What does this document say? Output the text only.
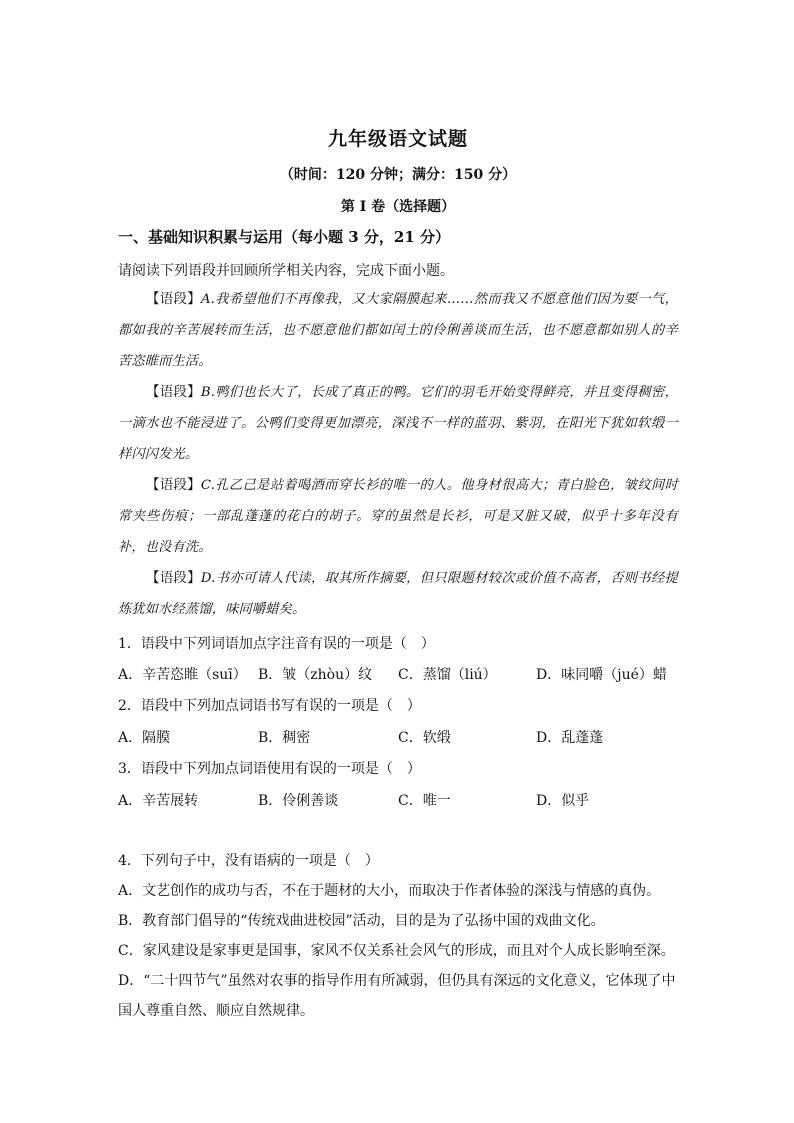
九年级语文试题
（时间：120 分钟；满分：150 分）
第 I 卷（选择题）
一、基础知识积累与运用（每小题 3 分，21 分）
请阅读下列语段并回顾所学相关内容，完成下面小题。
【语段】A.我希望他们不再像我，又大家隔膜起来……然而我又不愿意他们因为要一气，都如我的辛苦展转而生活，也不愿意他们都如闰土的伶俐善谈而生活，也不愿意都如别人的辛苦恣睢而生活。
【语段】B.鸭们也长大了，长成了真正的鸭。它们的羽毛开始变得鲜亮，并且变得稠密，一滴水也不能浸进了。公鸭们变得更加漂亮，深浅不一样的蓝羽、紫羽，在阳光下犹如软缎一样闪闪发光。
【语段】C.孔乙己是站着喝酒而穿长衫的唯一的人。他身材很高大；青白脸色，皱纹间时常夹些伤痕；一部乱蓬蓬的花白的胡子。穿的虽然是长衫，可是又脏又破，似乎十多年没有补，也没有洗。
【语段】D.书亦可请人代读，取其所作摘要，但只限题材较次或价值不高者，否则书经提炼犹如水经蒸馏，味同嚼蜡矣。
1．语段中下列词语加点字注音有误的一项是（　）
A．辛苦恣睢（suī） B．皱（zhòu）纹 C．蒸馏（liú）	D．味同嚼（jué）蜡
2．语段中下列加点词语书写有误的一项是（　）
A．隔膜	B．稠密	C．软缎	D．乱蓬蓬
3．语段中下列加点词语使用有误的一项是（　）
A．辛苦展转	B．伶俐善谈	C．唯一	D．似乎
4．下列句子中，没有语病的一项是（　）
A．文艺创作的成功与否，不在于题材的大小，而取决于作者体验的深浅与情感的真伪。
B．教育部门倡导的“传统戏曲进校园”活动，目的是为了弘扬中国的戏曲文化。
C．家风建设是家事更是国事，家风不仅关系社会风气的形成，而且对个人成长影响至深。
D．“二十四节气”虽然对农事的指导作用有所减弱，但仍具有深远的文化意义，它体现了中国人尊重自然、顺应自然规律。
